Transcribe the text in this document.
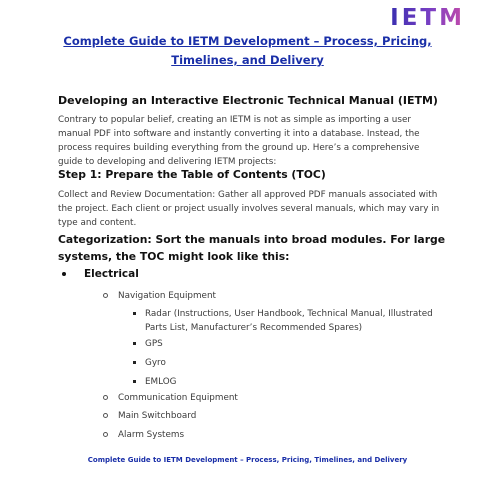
IETM
Complete Guide to IETM Development – Process, Pricing,
Timelines, and Delivery
Developing an Interactive Electronic Technical Manual (IETM)

Contrary to popular belief, creating an IETM is not as simple as importing a user manual PDF into software and instantly converting it into a database. Instead, the process requires building everything from the ground up. Here’s a comprehensive guide to developing and delivering IETM projects:

Step 1: Prepare the Table of Contents (TOC)

Collect and Review Documentation: Gather all approved PDF manuals associated with the project. Each client or project usually involves several manuals, which may vary in type and content.

Categorization: Sort the manuals into broad modules. For large systems, the TOC might look like this:

Electrical
Navigation Equipment
Radar (Instructions, User Handbook, Technical Manual, Illustrated Parts List, Manufacturer’s Recommended Spares)
GPS
Gyro
EMLOG
Communication Equipment
Main Switchboard
Alarm Systems
Complete Guide to IETM Development – Process, Pricing, Timelines, and Delivery
